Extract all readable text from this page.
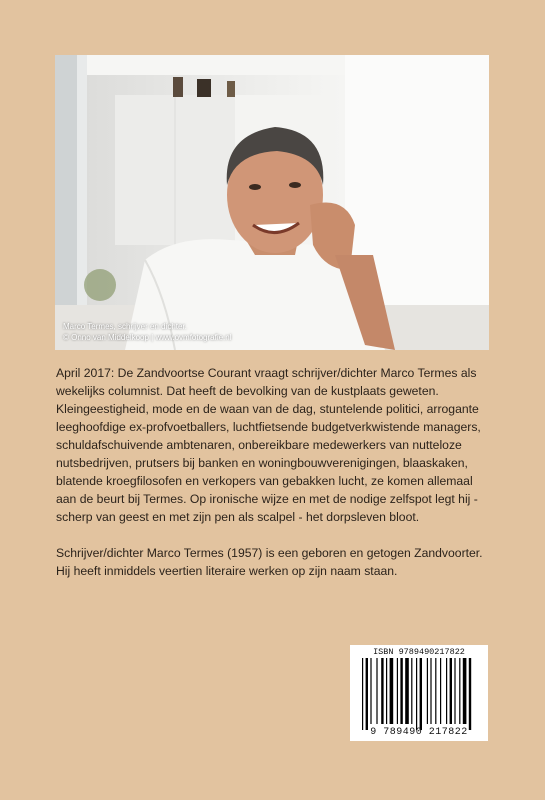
Marco Termes, schrijver en dichter.
© Onno van Middelkoop | www.ovmfotografie.nl

April 2017: De Zandvoortse Courant vraagt schrijver/dichter Marco Termes als wekelijks columnist. Dat heeft de bevolking van de kustplaats geweten. Kleingeestigheid, mode en de waan van de dag, stuntelende politici, arrogante leeghoofdige ex-profvoetballers, luchtfietsende budgetverkwistende managers, schuldafschuivende ambtenaren, onbereikbare medewerkers van nutteloze nutsbedrijven, prutsers bij banken en woningbouwverenigingen, blaaskaken, blatende kroegfilosofen en verkopers van gebakken lucht, ze komen allemaal aan de beurt bij Termes. Op ironische wijze en met de nodige zelfspot legt hij - scherp van geest en met zijn pen als scalpel - het dorpsleven bloot.

Schrijver/dichter Marco Termes (1957) is een geboren en getogen Zandvoorter. Hij heeft inmiddels veertien literaire werken op zijn naam staan.

ISBN 9789490217822
9 789490 217822
